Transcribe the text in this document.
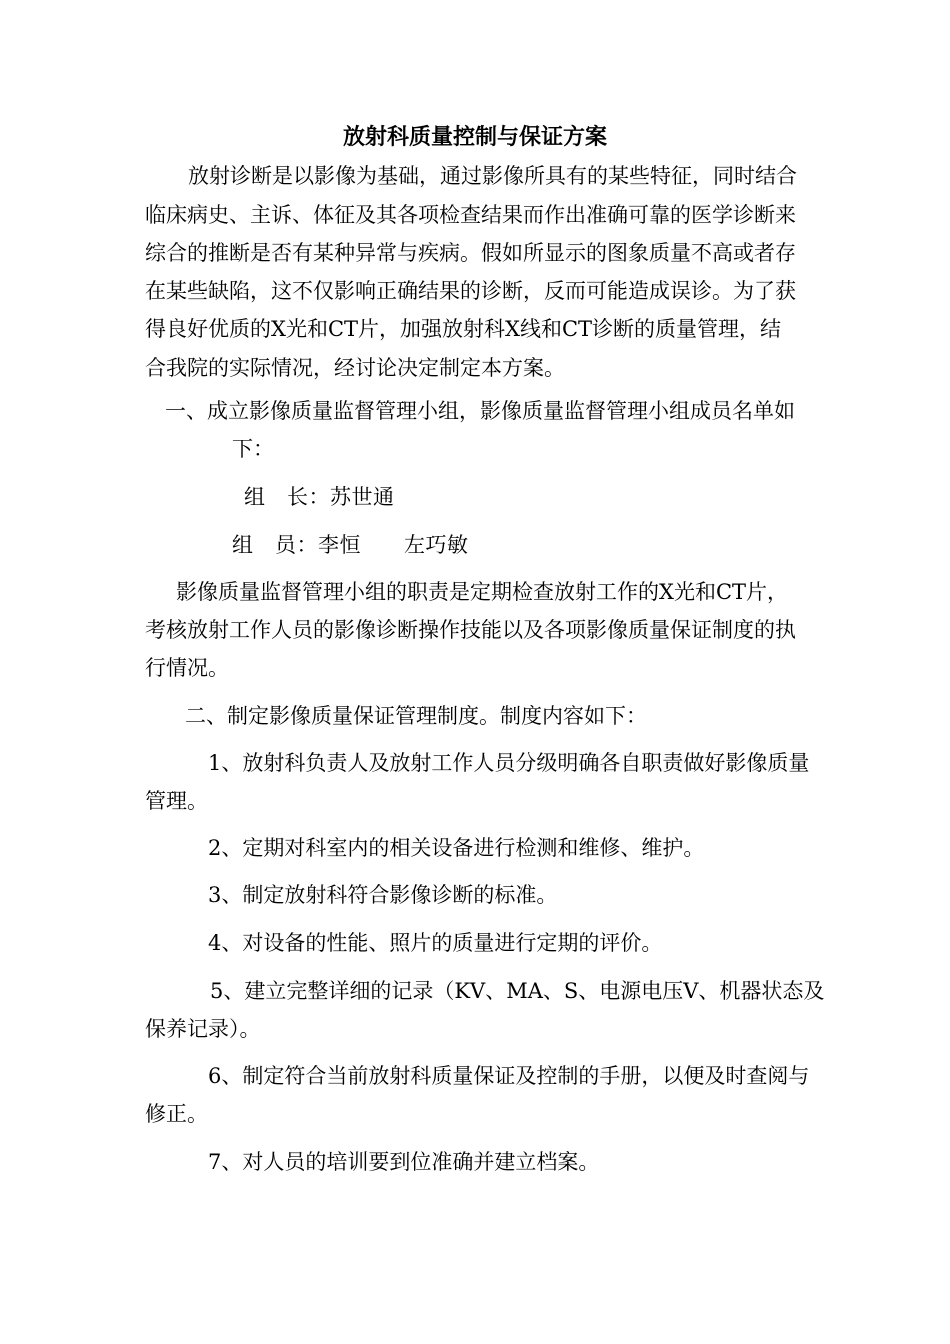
放射科质量控制与保证方案

放射诊断是以影像为基础，通过影像所具有的某些特征，同时结合

临床病史、主诉、体征及其各项检查结果而作出准确可靠的医学诊断来

综合的推断是否有某种异常与疾病。假如所显示的图象质量不高或者存

在某些缺陷，这不仅影响正确结果的诊断，反而可能造成误诊。为了获

得良好优质的X光和CT片，加强放射科X线和CT诊断的质量管理，结

合我院的实际情况，经讨论决定制定本方案。

一、成立影像质量监督管理小组，影像质量监督管理小组成员名单如

下：

组　长：苏世通

组　员：李恒　　左巧敏

影像质量监督管理小组的职责是定期检查放射工作的X光和CT片，

考核放射工作人员的影像诊断操作技能以及各项影像质量保证制度的执

行情况。

二、制定影像质量保证管理制度。制度内容如下：

1、放射科负责人及放射工作人员分级明确各自职责做好影像质量

管理。

2、定期对科室内的相关设备进行检测和维修、维护。

3、制定放射科符合影像诊断的标准。

4、对设备的性能、照片的质量进行定期的评价。

5、建立完整详细的记录（KV、MA、S、电源电压V、机器状态及

保养记录）。

6、制定符合当前放射科质量保证及控制的手册，以便及时查阅与

修正。

7、对人员的培训要到位准确并建立档案。
